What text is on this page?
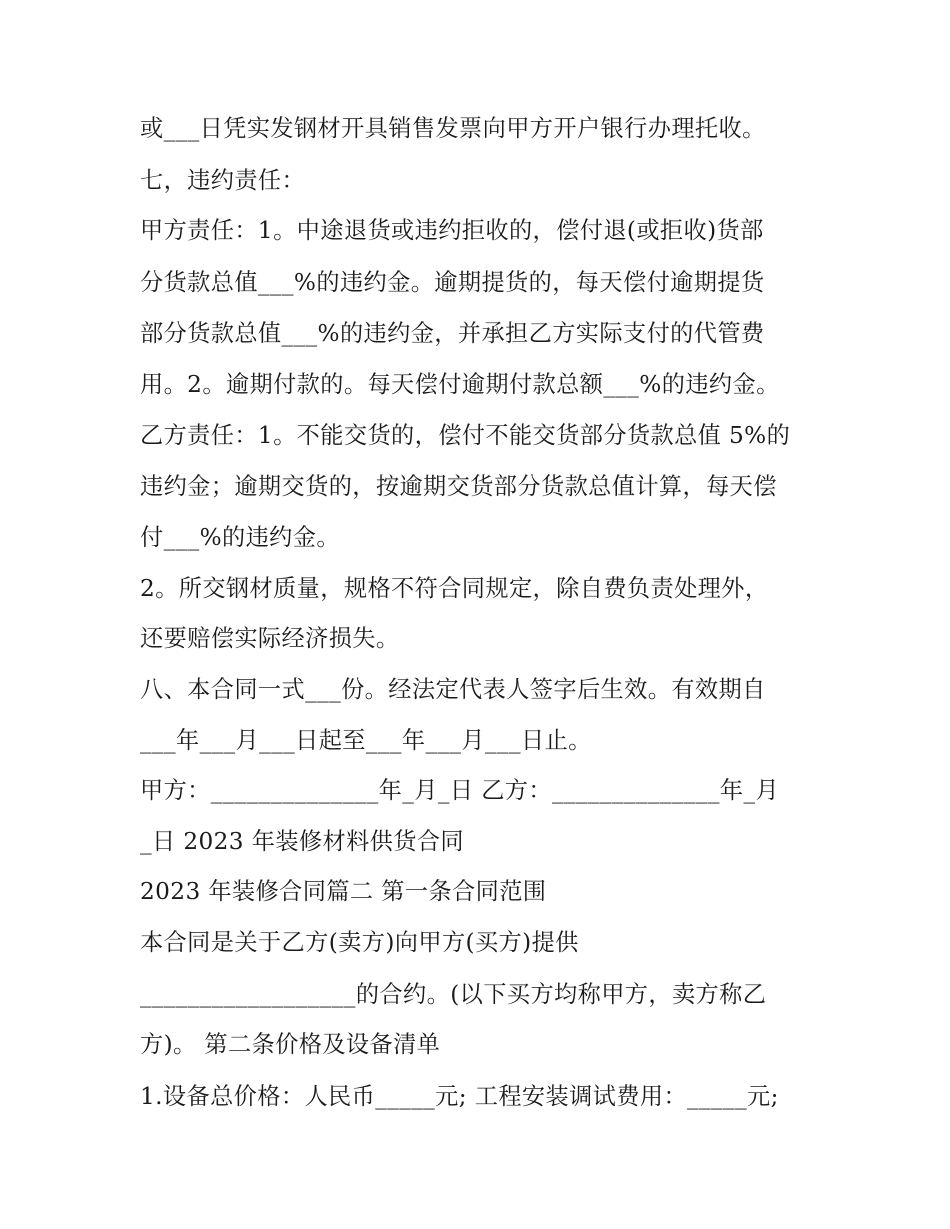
或___日凭实发钢材开具销售发票向甲方开户银行办理托收。
七，违约责任：
甲方责任：1。中途退货或违约拒收的，偿付退(或拒收)货部
分货款总值___%的违约金。逾期提货的，每天偿付逾期提货
部分货款总值___%的违约金，并承担乙方实际支付的代管费
用。2。逾期付款的。每天偿付逾期付款总额___%的违约金。
乙方责任：1。不能交货的，偿付不能交货部分货款总值 5%的
违约金；逾期交货的，按逾期交货部分货款总值计算，每天偿
付___%的违约金。
2。所交钢材质量，规格不符合同规定，除自费负责处理外，
还要赔偿实际经济损失。
八、本合同一式___份。经法定代表人签字后生效。有效期自
___年___月___日起至___年___月___日止。
甲方：______________年_月_日 乙方：______________年_月
_日 2023 年装修材料供货合同
2023 年装修合同篇二 第一条合同范围
本合同是关于乙方(卖方)向甲方(买方)提供
__________________的合约。(以下买方均称甲方，卖方称乙
方)。 第二条价格及设备清单
1.设备总价格：人民币_____元; 工程安装调试费用：_____元;
